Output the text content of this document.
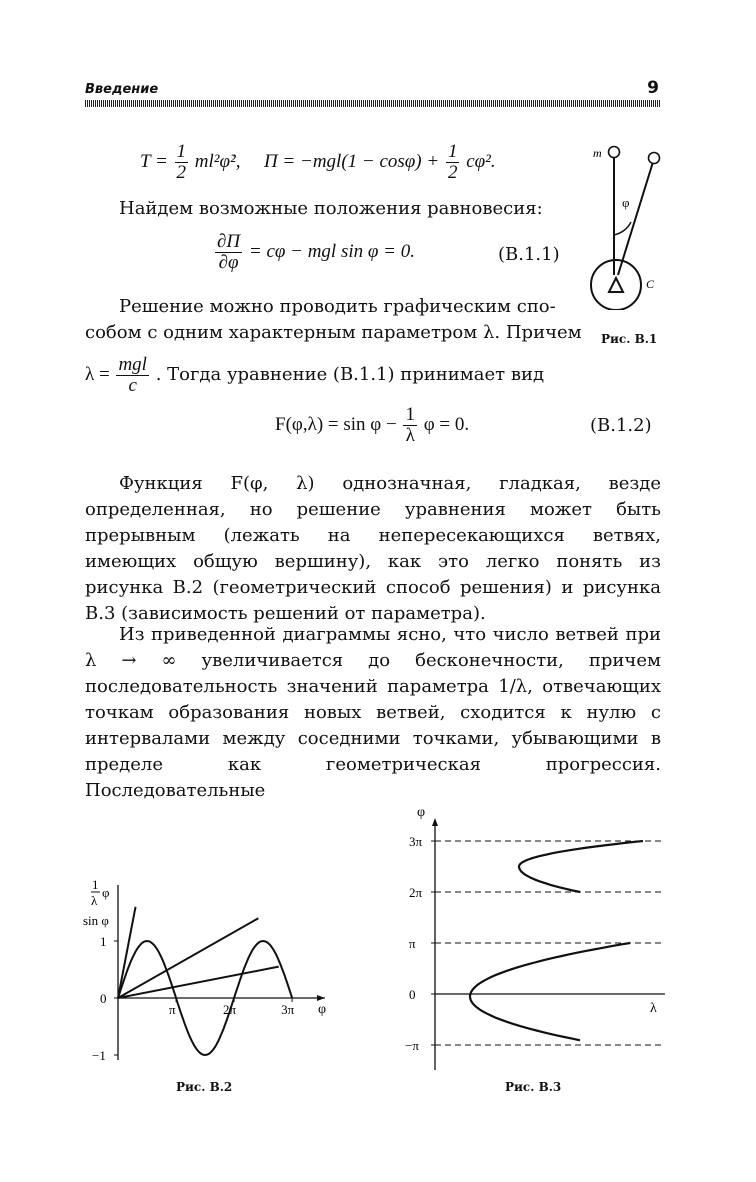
Введение	9
$T = \frac{1}{2}$ ml²φ̇², $\Pi = -mgl(1 - \cos\varphi) + \frac{1}{2} c\varphi^2$.
Найдем возможные положения равновесия:
$\frac{\partial\Pi}{\partial\varphi} = c\varphi$ − mgl sin φ = 0.	(B.1.1)
Решение можно проводить графическим спо-
собом с одним характерным параметром λ. Причем
$\lambda = \frac{\text{mgl}}{c}$ . Тогда уравнение (B.1.1) принимает вид
$F(\varphi,\lambda) = \sin \varphi - \frac{1}{\lambda}$ φ = 0.	(B.1.2)
m
φ
C
Рис. B.1
Функция F(φ, λ) однозначная, гладкая, везде определенная, но решение уравнения может быть прерывным (лежать на непересекающихся ветвях, имеющих общую вершину), как это легко понять из рисунка B.2 (геометрический способ решения) и рисунка B.3 (зависимость решений от параметра).
Из приведенной диаграммы ясно, что число ветвей при λ → ∞ увеличивается до бесконечности, причем последовательность значений параметра 1/λ, отвечающих точкам образования новых ветвей, сходится к нулю с интервалами между соседними точками, убывающими в пределе как геометрическая прогрессия. Последовательные
1
λ
φ
sin φ
φ
π	2π	3π
1
0
−1
Рис. B.2
φ
λ
3π
2π
π
0
−π
Рис. B.3
